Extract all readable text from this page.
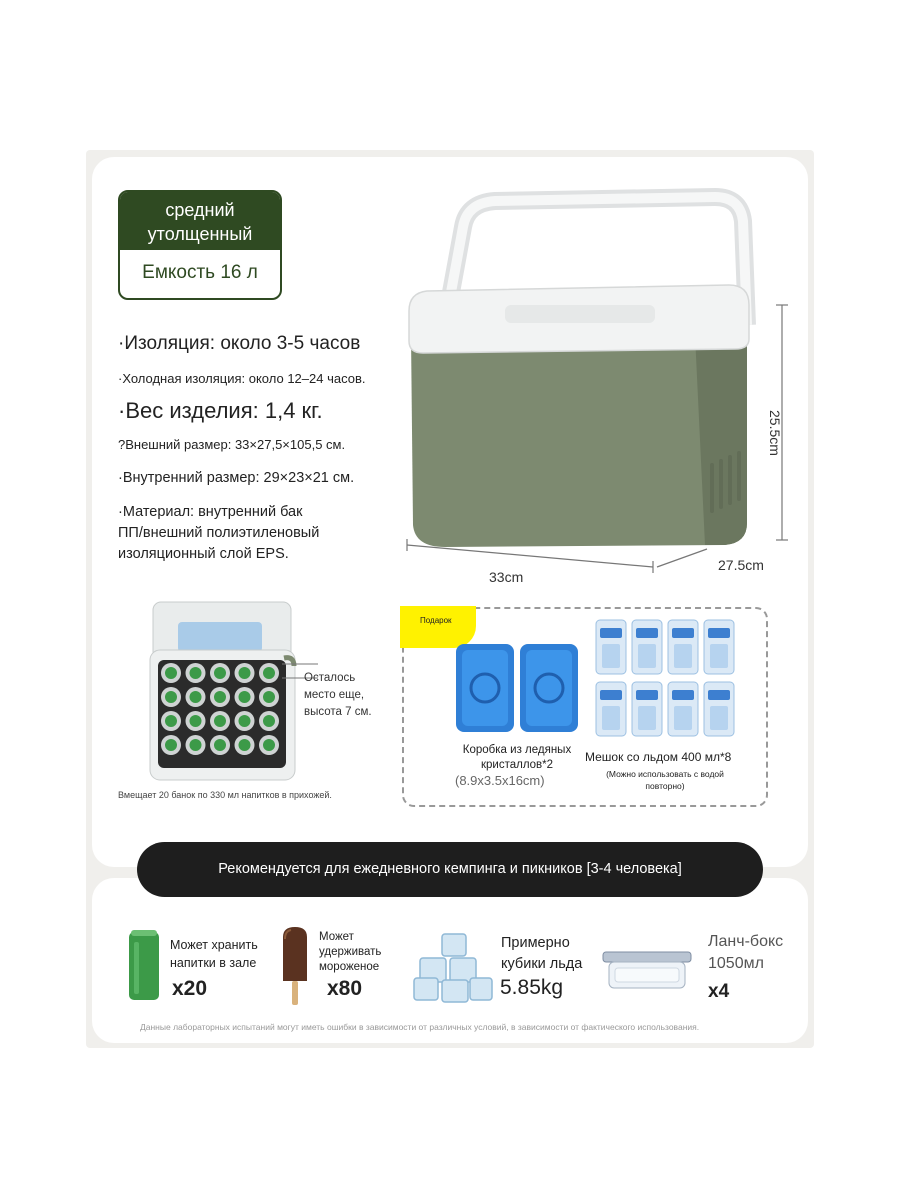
средний
утолщенный
Емкость 16 л
·Изоляция: около 3-5 часов
·Холодная изоляция: около 12–24 часов.
·Вес изделия: 1,4 кг.
?Внешний размер: 33×27,5×105,5 см.
·Внутренний размер: 29×23×21 см.
·Материал: внутренний бак
ПП/внешний полиэтиленовый
изоляционный слой EPS.
25.5cm
33cm
27.5cm
Осталось
место еще,
высота 7 см.
Вмещает 20 банок по 330 мл напитков в прихожей.
Подарок
Коробка из ледяных
кристаллов*2
(8.9x3.5x16cm)
Мешок со льдом 400 мл*8
(Можно использовать с водой
повторно)
Рекомендуется для ежедневного кемпинга и пикников [3-4 человека]
Может хранить
напитки в зале
x20
Может
удерживать
мороженое
x80
Примерно
кубики льда
5.85kg
Ланч-бокс
1050мл
x4
Данные лабораторных испытаний могут иметь ошибки в зависимости от различных условий, в зависимости от фактического использования.
